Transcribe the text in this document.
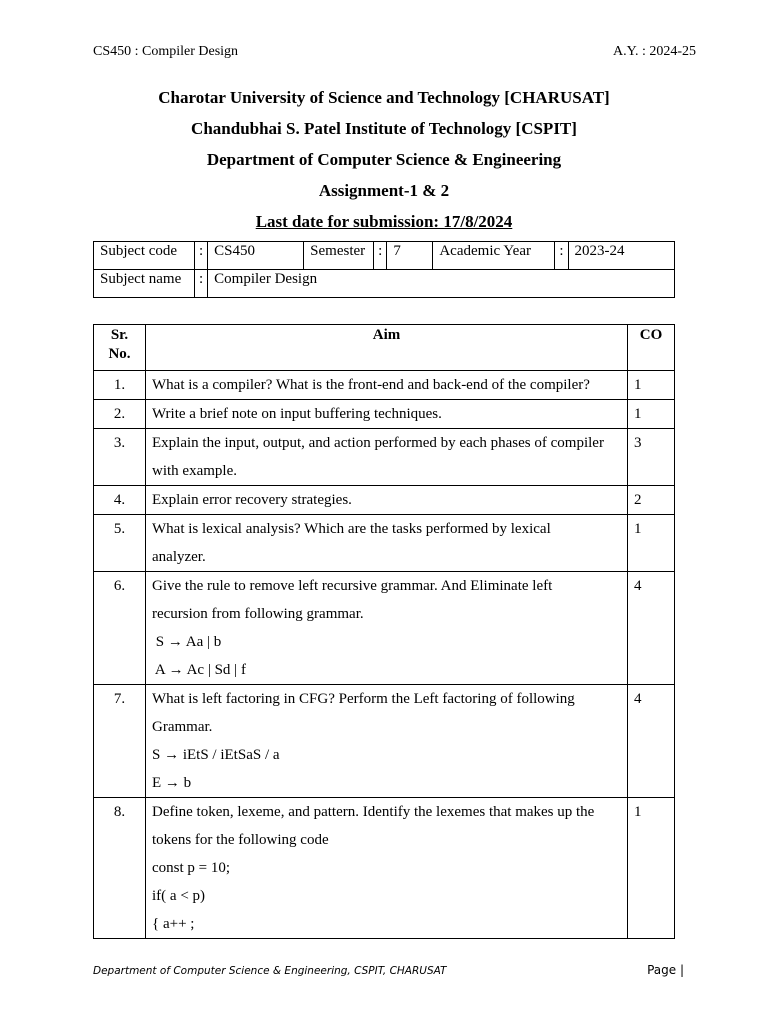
CS450 : Compiler Design	A.Y. : 2024-25
Charotar University of Science and Technology [CHARUSAT]
Chandubhai S. Patel Institute of Technology [CSPIT]
Department of Computer Science & Engineering
Assignment-1 & 2
Last date for submission: 17/8/2024
Subject code	:	CS450	Semester	:	7	Academic Year	:	2023-24
Subject name	:	Compiler Design						
Sr.
No.	Aim	CO
1.	What is a compiler? What is the front-end and back-end of the compiler?	1
2.	Write a brief note on input buffering techniques.	1
3.	Explain the input, output, and action performed by each phases of compiler
with example.	3
4.	Explain error recovery strategies.	2
5.	What is lexical analysis? Which are the tasks performed by lexical
analyzer.	1
6.	Give the rule to remove left recursive grammar. And Eliminate left
recursion from following grammar.
S → Aa | b
A → Ac | Sd | f	4
7.	What is left factoring in CFG? Perform the Left factoring of following
Grammar.
S → iEtS / iEtSaS / a
E → b	4
8.	Define token, lexeme, and pattern. Identify the lexemes that makes up the
tokens for the following code
const p = 10;
if( a < p)
{ a++ ;	1
Department of Computer Science & Engineering, CSPIT, CHARUSAT	Page |
